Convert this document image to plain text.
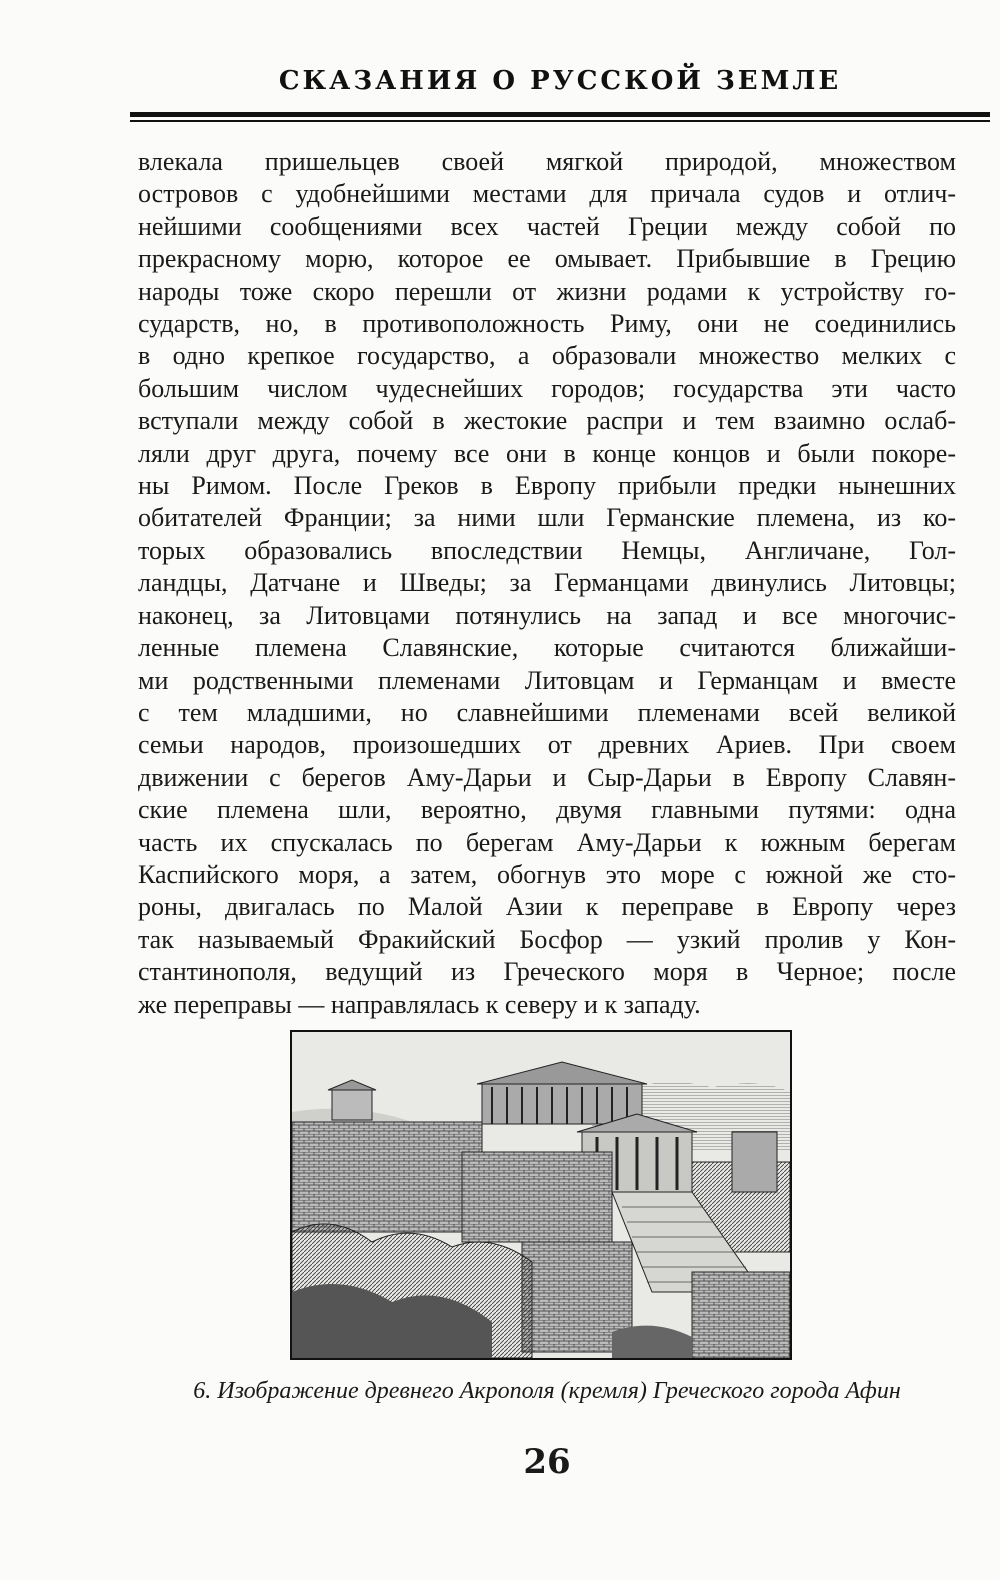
СКАЗАНИЯ О РУССКОЙ ЗЕМЛЕ
влекала пришельцев своей мягкой природой, множеством
островов с удобнейшими местами для причала судов и отлич-
нейшими сообщениями всех частей Греции между собой по
прекрасному морю, которое ее омывает. Прибывшие в Грецию
народы тоже скоро перешли от жизни родами к устройству го-
сударств, но, в противоположность Риму, они не соединились
в одно крепкое государство, а образовали множество мелких с
большим числом чудеснейших городов; государства эти часто
вступали между собой в жестокие распри и тем взаимно ослаб-
ляли друг друга, почему все они в конце концов и были покоре-
ны Римом. После Греков в Европу прибыли предки нынешних
обитателей Франции; за ними шли Германские племена, из ко-
торых образовались впоследствии Немцы, Англичане, Гол-
ландцы, Датчане и Шведы; за Германцами двинулись Литовцы;
наконец, за Литовцами потянулись на запад и все многочис-
ленные племена Славянские, которые считаются ближайши-
ми родственными племенами Литовцам и Германцам и вместе
с тем младшими, но славнейшими племенами всей великой
семьи народов, произошедших от древних Ариев. При своем
движении с берегов Аму-Дарьи и Сыр-Дарьи в Европу Славян-
ские племена шли, вероятно, двумя главными путями: одна
часть их спускалась по берегам Аму-Дарьи к южным берегам
Каспийского моря, а затем, обогнув это море с южной же сто-
роны, двигалась по Малой Азии к переправе в Европу через
так называемый Фракийский Босфор — узкий пролив у Кон-
стантинополя, ведущий из Греческого моря в Черное; после
же переправы — направлялась к северу и к западу.
6. Изображение древнего Акрополя (кремля) Греческого города Афин
26
